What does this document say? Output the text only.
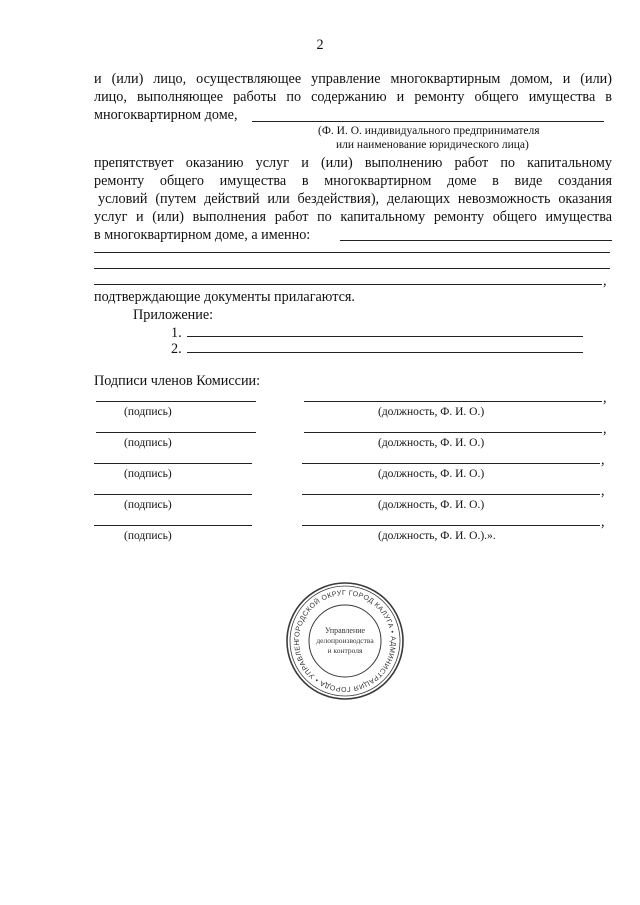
2
и (или) лицо, осуществляющее управление многоквартирным домом, и (или)
лицо, выполняющее работы по содержанию и ремонту общего имущества в
многоквартирном доме,
(Ф. И. О. индивидуального предпринимателя
или наименование юридического лица)
препятствует оказанию услуг и (или) выполнению работ по капитальному
ремонту общего имущества в многоквартирном доме в виде создания
условий (путем действий или бездействия), делающих невозможность оказания
услуг и (или) выполнения работ по капитальному ремонту общего имущества
в многоквартирном доме, а именно:
,
подтверждающие документы прилагаются.
Приложение:
1.
2.
Подписи членов Комиссии:
,
(подпись)	(должность, Ф. И. О.)
,
(подпись)	(должность, Ф. И. О.)
,
(подпись)	(должность, Ф. И. О.)
,
(подпись)	(должность, Ф. И. О.)
,
(подпись)	(должность, Ф. И. О.).».
ГОРОДСКОЙ ОКРУГ ГОРОД КАЛУГА • АДМИНИСТРАЦИЯ ГОРОДА • УПРАВЛЕН
Управление
делопроизводства
и контроля
